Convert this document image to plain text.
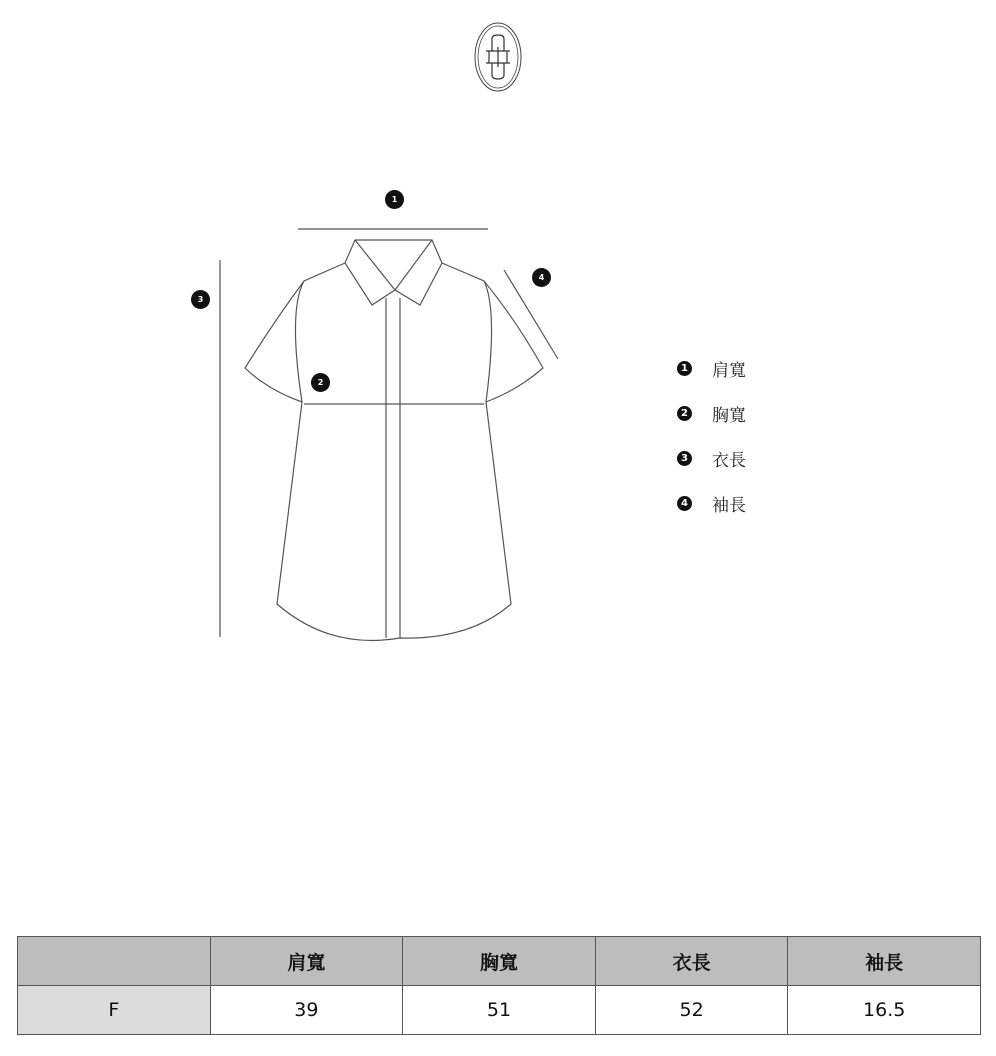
1
2
3
4
1 肩寬
2 胸寬
3 衣長
4 袖長
	肩寬	胸寬	衣長	袖長
F	39	51	52	16.5
